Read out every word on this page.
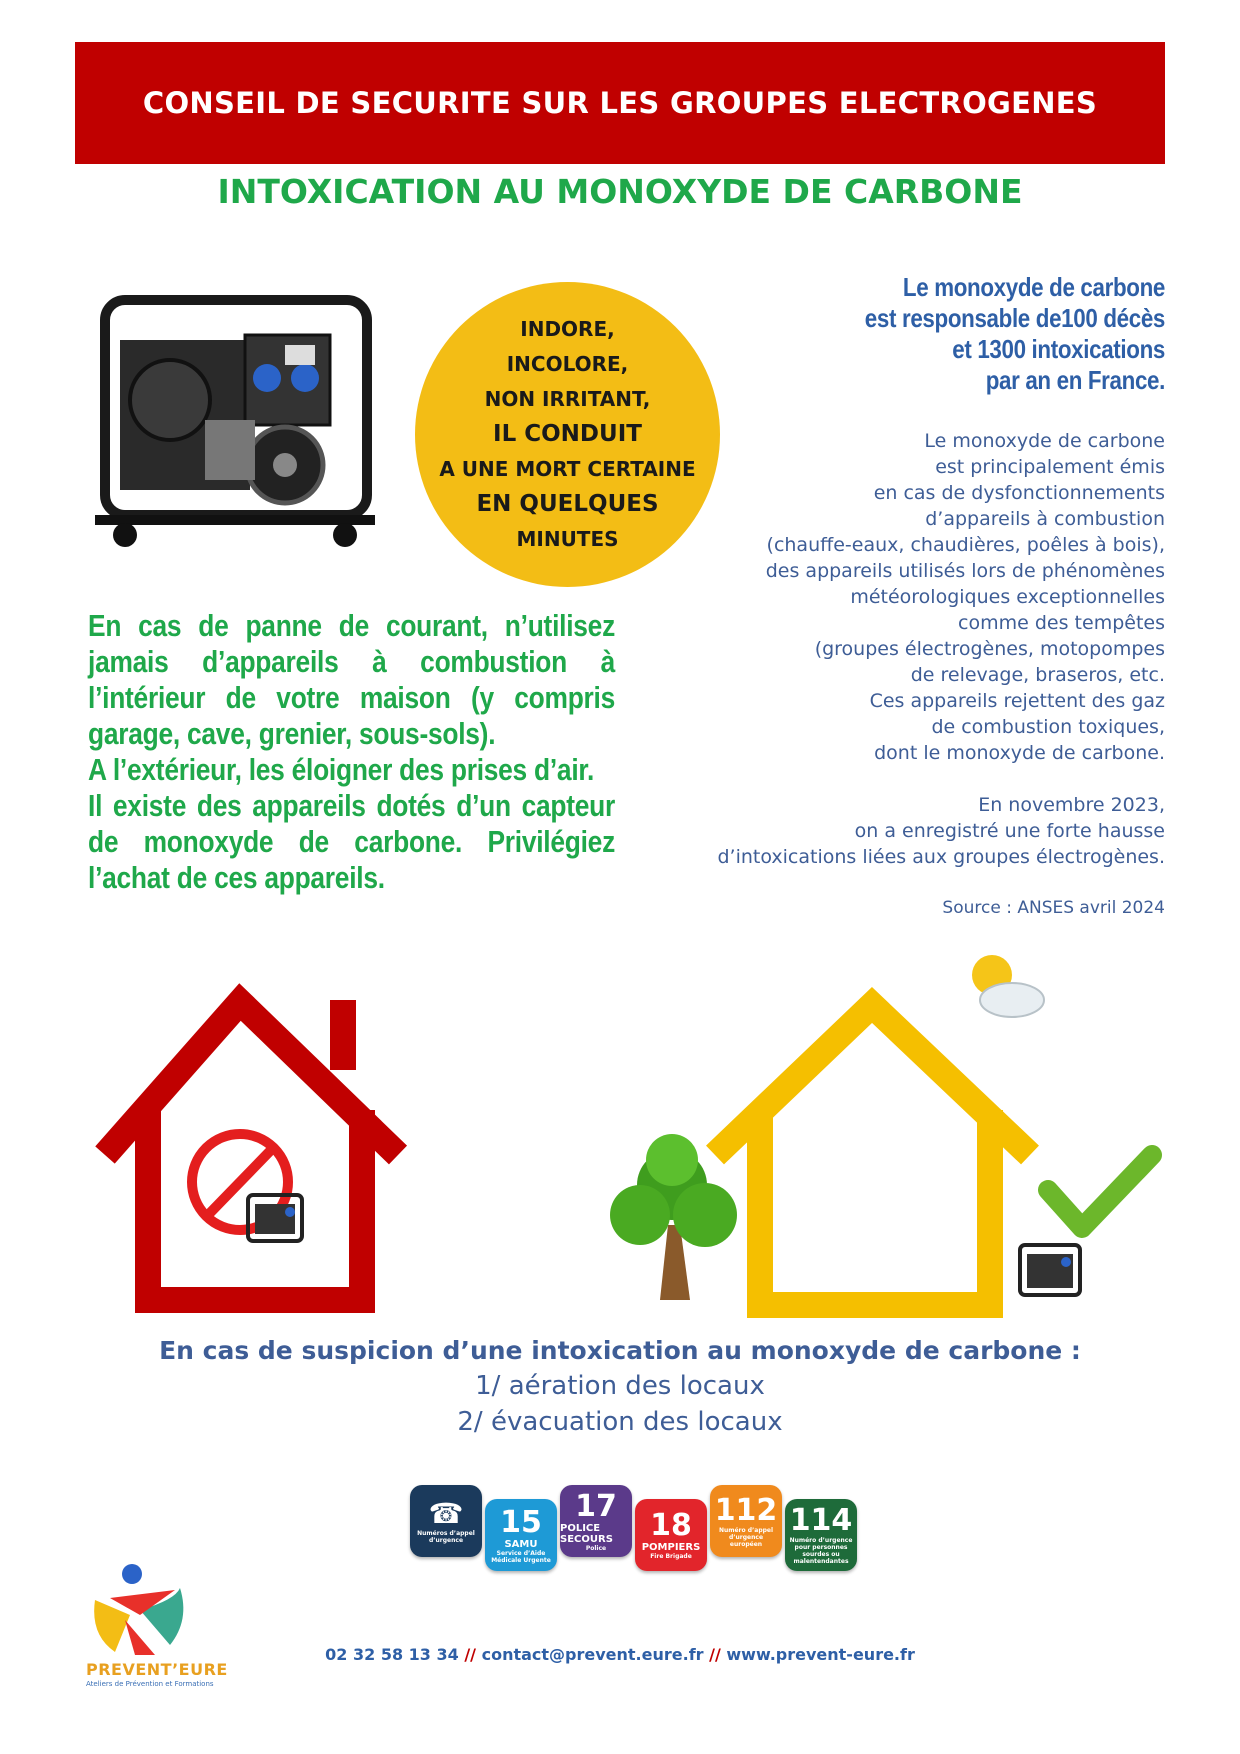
CONSEIL DE SECURITE SUR LES GROUPES ELECTROGENES
INTOXICATION AU MONOXYDE DE CARBONE
INDORE,
INCOLORE,
NON IRRITANT,
IL CONDUIT
A UNE MORT CERTAINE
EN QUELQUES
MINUTES
Le monoxyde de carbone
est responsable de100 décès
et 1300 intoxications
par an en France.

Le monoxyde de carbone

est principalement émis

en cas de dysfonctionnements

d’appareils à combustion

(chauffe-eaux, chaudières, poêles à bois),

des appareils utilisés lors de phénomènes

météorologiques exceptionnelles

comme des tempêtes

(groupes électrogènes, motopompes

de relevage, braseros, etc.

Ces appareils rejettent des gaz

de combustion toxiques,

dont le monoxyde de carbone.

En novembre 2023,

on a enregistré une forte hausse

d’intoxications liées aux groupes électrogènes.

Source : ANSES avril 2024

En cas de panne de courant, n’utilisez jamais d’appareils à combustion à l’intérieur de votre maison (y compris garage, cave, grenier, sous-sols).

A l’extérieur, les éloigner des prises d’air.

Il existe des appareils dotés d’un capteur de monoxyde de carbone. Privilégiez l’achat de ces appareils.

En cas de suspicion d’une intoxication au monoxyde de carbone :
1/ aération des locaux
2/ évacuation des locaux
☎
Numéros d’appel d’urgence
15
SAMU
Service d’Aide Médicale Urgente
17
POLICE SECOURS
Police
18
POMPIERS
Fire Brigade
112
Numéro d’appel d’urgence européen
114
Numéro d’urgence pour personnes sourdes ou malentendantes
PREVENT’EURE
Ateliers de Prévention et Formations
02 32 58 13 34 // contact@prevent.eure.fr // www.prevent-eure.fr
